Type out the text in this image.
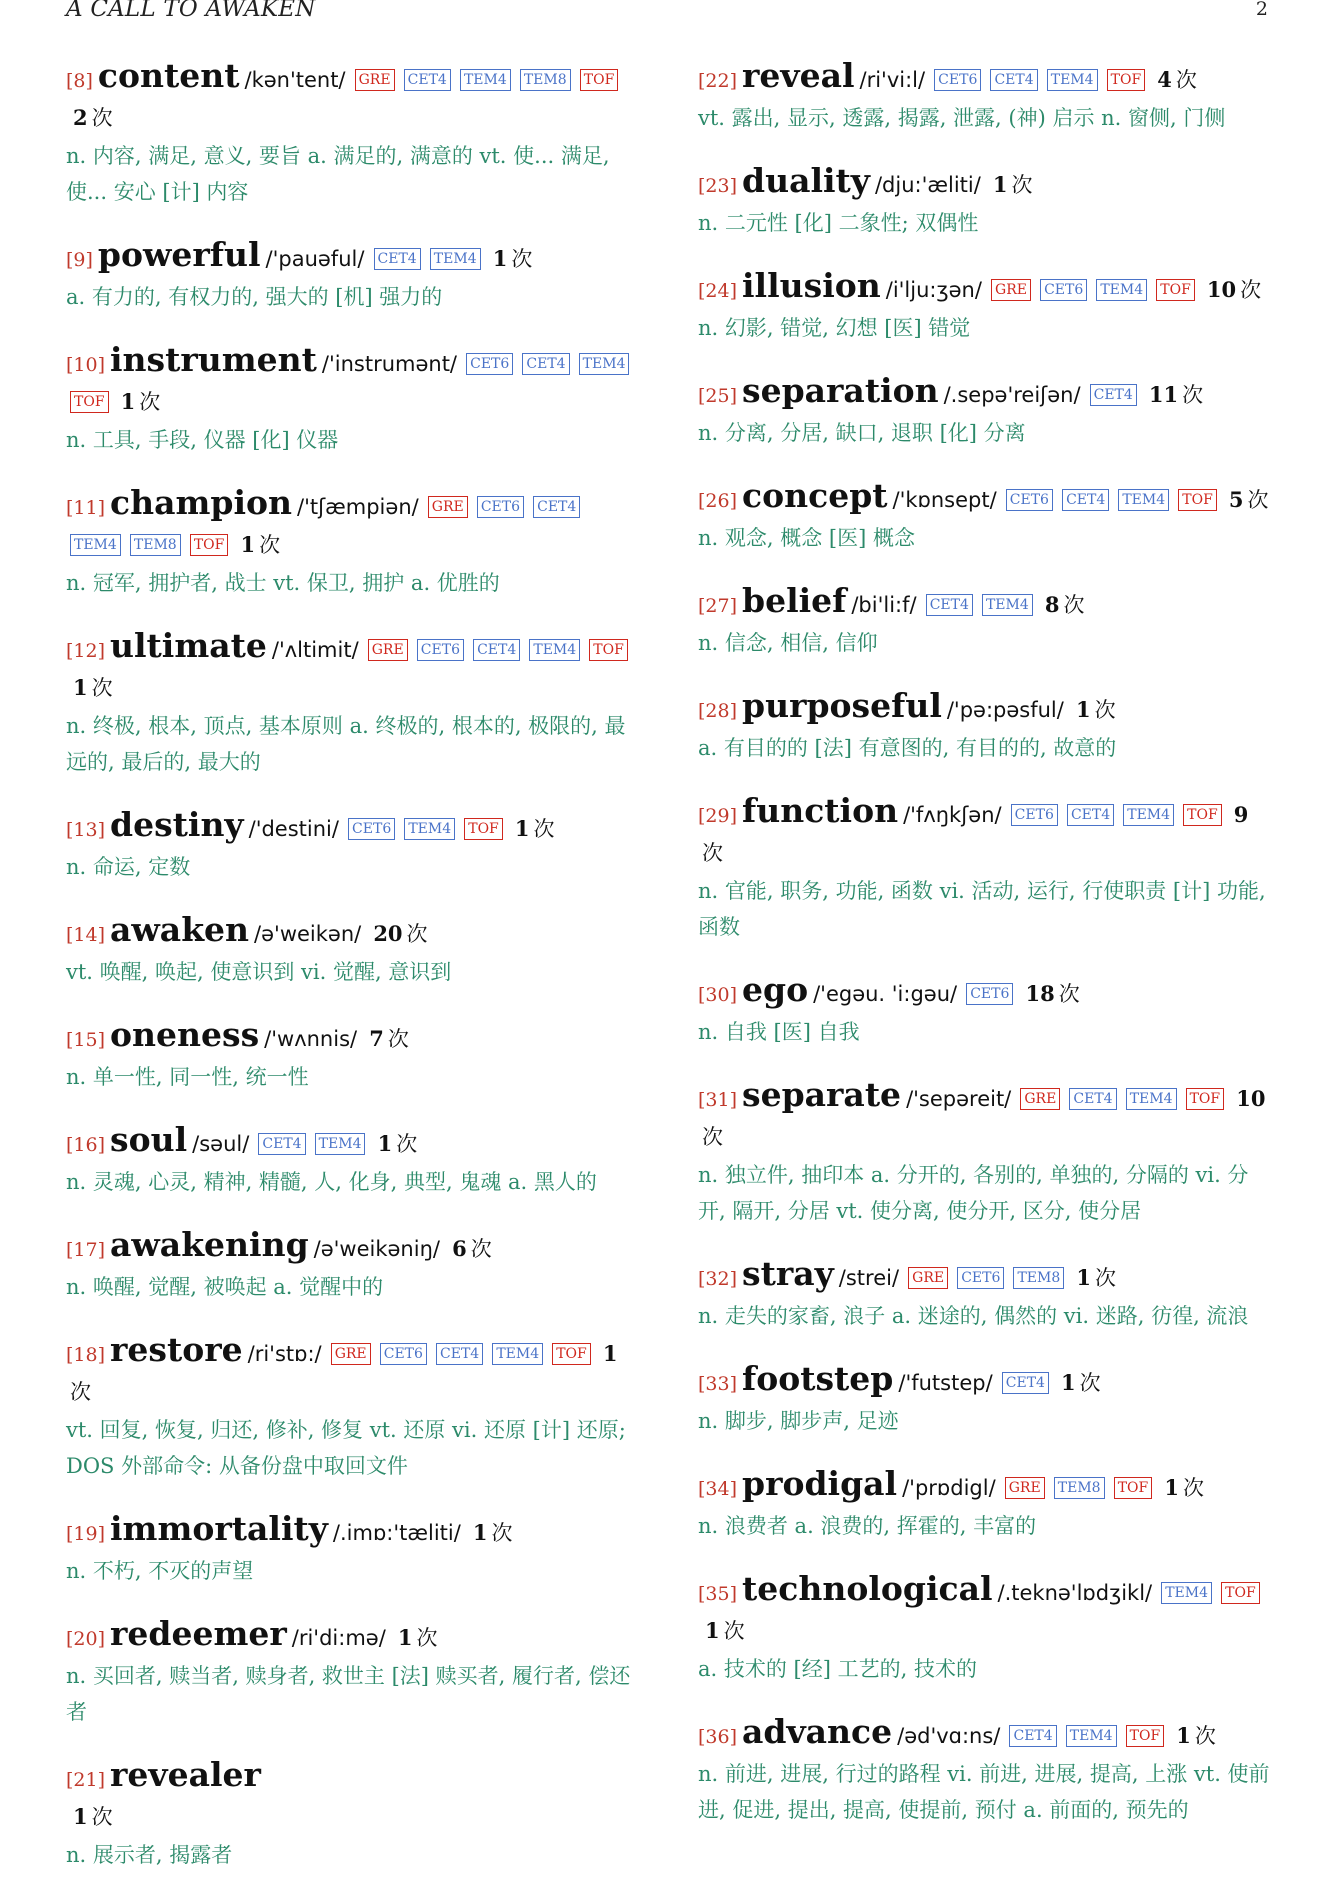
A CALL TO AWAKEN	2
[8] content /kən'tent/ GRE CET4 TEM4 TEM8 TOF 2 次
n. 内容, 满足, 意义, 要旨 a. 满足的, 满意的 vt. 使... 满足, 使... 安心 [计] 内容
[9] powerful /'pauəful/ CET4 TEM4 1 次
a. 有力的, 有权力的, 强大的 [机] 强力的
[10] instrument /'instrumənt/ CET6 CET4 TEM4 TOF 1 次
n. 工具, 手段, 仪器 [化] 仪器
[11] champion /'tʃæmpiən/ GRE CET6 CET4 TEM4 TEM8 TOF 1 次
n. 冠军, 拥护者, 战士 vt. 保卫, 拥护 a. 优胜的
[12] ultimate /'ʌltimit/ GRE CET6 CET4 TEM4 TOF 1 次
n. 终极, 根本, 顶点, 基本原则 a. 终极的, 根本的, 极限的, 最远的, 最后的, 最大的
[13] destiny /'destini/ CET6 TEM4 TOF 1 次
n. 命运, 定数
[14] awaken /ə'weikən/ 20 次
vt. 唤醒, 唤起, 使意识到 vi. 觉醒, 意识到
[15] oneness /'wʌnnis/ 7 次
n. 单一性, 同一性, 统一性
[16] soul /səul/ CET4 TEM4 1 次
n. 灵魂, 心灵, 精神, 精髓, 人, 化身, 典型, 鬼魂 a. 黑人的
[17] awakening /ə'weikəniŋ/ 6 次
n. 唤醒, 觉醒, 被唤起 a. 觉醒中的
[18] restore /ri'stɒ:/ GRE CET6 CET4 TEM4 TOF 1次
vt. 回复, 恢复, 归还, 修补, 修复 vt. 还原 vi. 还原 [计] 还原; DOS 外部命令: 从备份盘中取回文件
[19] immortality /.imɒ:'tæliti/ 1 次
n. 不朽, 不灭的声望
[20] redeemer /ri'di:mə/ 1 次
n. 买回者, 赎当者, 赎身者, 救世主 [法] 赎买者, 履行者, 偿还者
[21] revealer
1 次
n. 展示者, 揭露者
[22] reveal /ri'vi:l/ CET6 CET4 TEM4 TOF 4 次
vt. 露出, 显示, 透露, 揭露, 泄露, (神) 启示 n. 窗侧, 门侧
[23] duality /dju:'æliti/ 1 次
n. 二元性 [化] 二象性; 双偶性
[24] illusion /i'lju:ʒən/ GRE CET6 TEM4 TOF 10 次
n. 幻影, 错觉, 幻想 [医] 错觉
[25] separation /.sepə'reiʃən/ CET4 11 次
n. 分离, 分居, 缺口, 退职 [化] 分离
[26] concept /'kɒnsept/ CET6 CET4 TEM4 TOF 5 次
n. 观念, 概念 [医] 概念
[27] belief /bi'li:f/ CET4 TEM4 8 次
n. 信念, 相信, 信仰
[28] purposeful /'pə:pəsful/ 1 次
a. 有目的的 [法] 有意图的, 有目的的, 故意的
[29] function /'fʌŋkʃən/ CET6 CET4 TEM4 TOF 9次
n. 官能, 职务, 功能, 函数 vi. 活动, 运行, 行使职责 [计] 功能, 函数
[30] ego /'egəu. 'i:gəu/ CET6 18 次
n. 自我 [医] 自我
[31] separate /'sepəreit/ GRE CET4 TEM4 TOF 10次
n. 独立件, 抽印本 a. 分开的, 各别的, 单独的, 分隔的 vi. 分开, 隔开, 分居 vt. 使分离, 使分开, 区分, 使分居
[32] stray /strei/ GRE CET6 TEM8 1 次
n. 走失的家畜, 浪子 a. 迷途的, 偶然的 vi. 迷路, 彷徨, 流浪
[33] footstep /'futstep/ CET4 1 次
n. 脚步, 脚步声, 足迹
[34] prodigal /'prɒdigl/ GRE TEM8 TOF 1 次
n. 浪费者 a. 浪费的, 挥霍的, 丰富的
[35] technological /.teknə'lɒdʒikl/ TEM4 TOF 1 次
a. 技术的 [经] 工艺的, 技术的
[36] advance /əd'vɑ:ns/ CET4 TEM4 TOF 1 次
n. 前进, 进展, 行过的路程 vi. 前进, 进展, 提高, 上涨 vt. 使前进, 促进, 提出, 提高, 使提前, 预付 a. 前面的, 预先的
